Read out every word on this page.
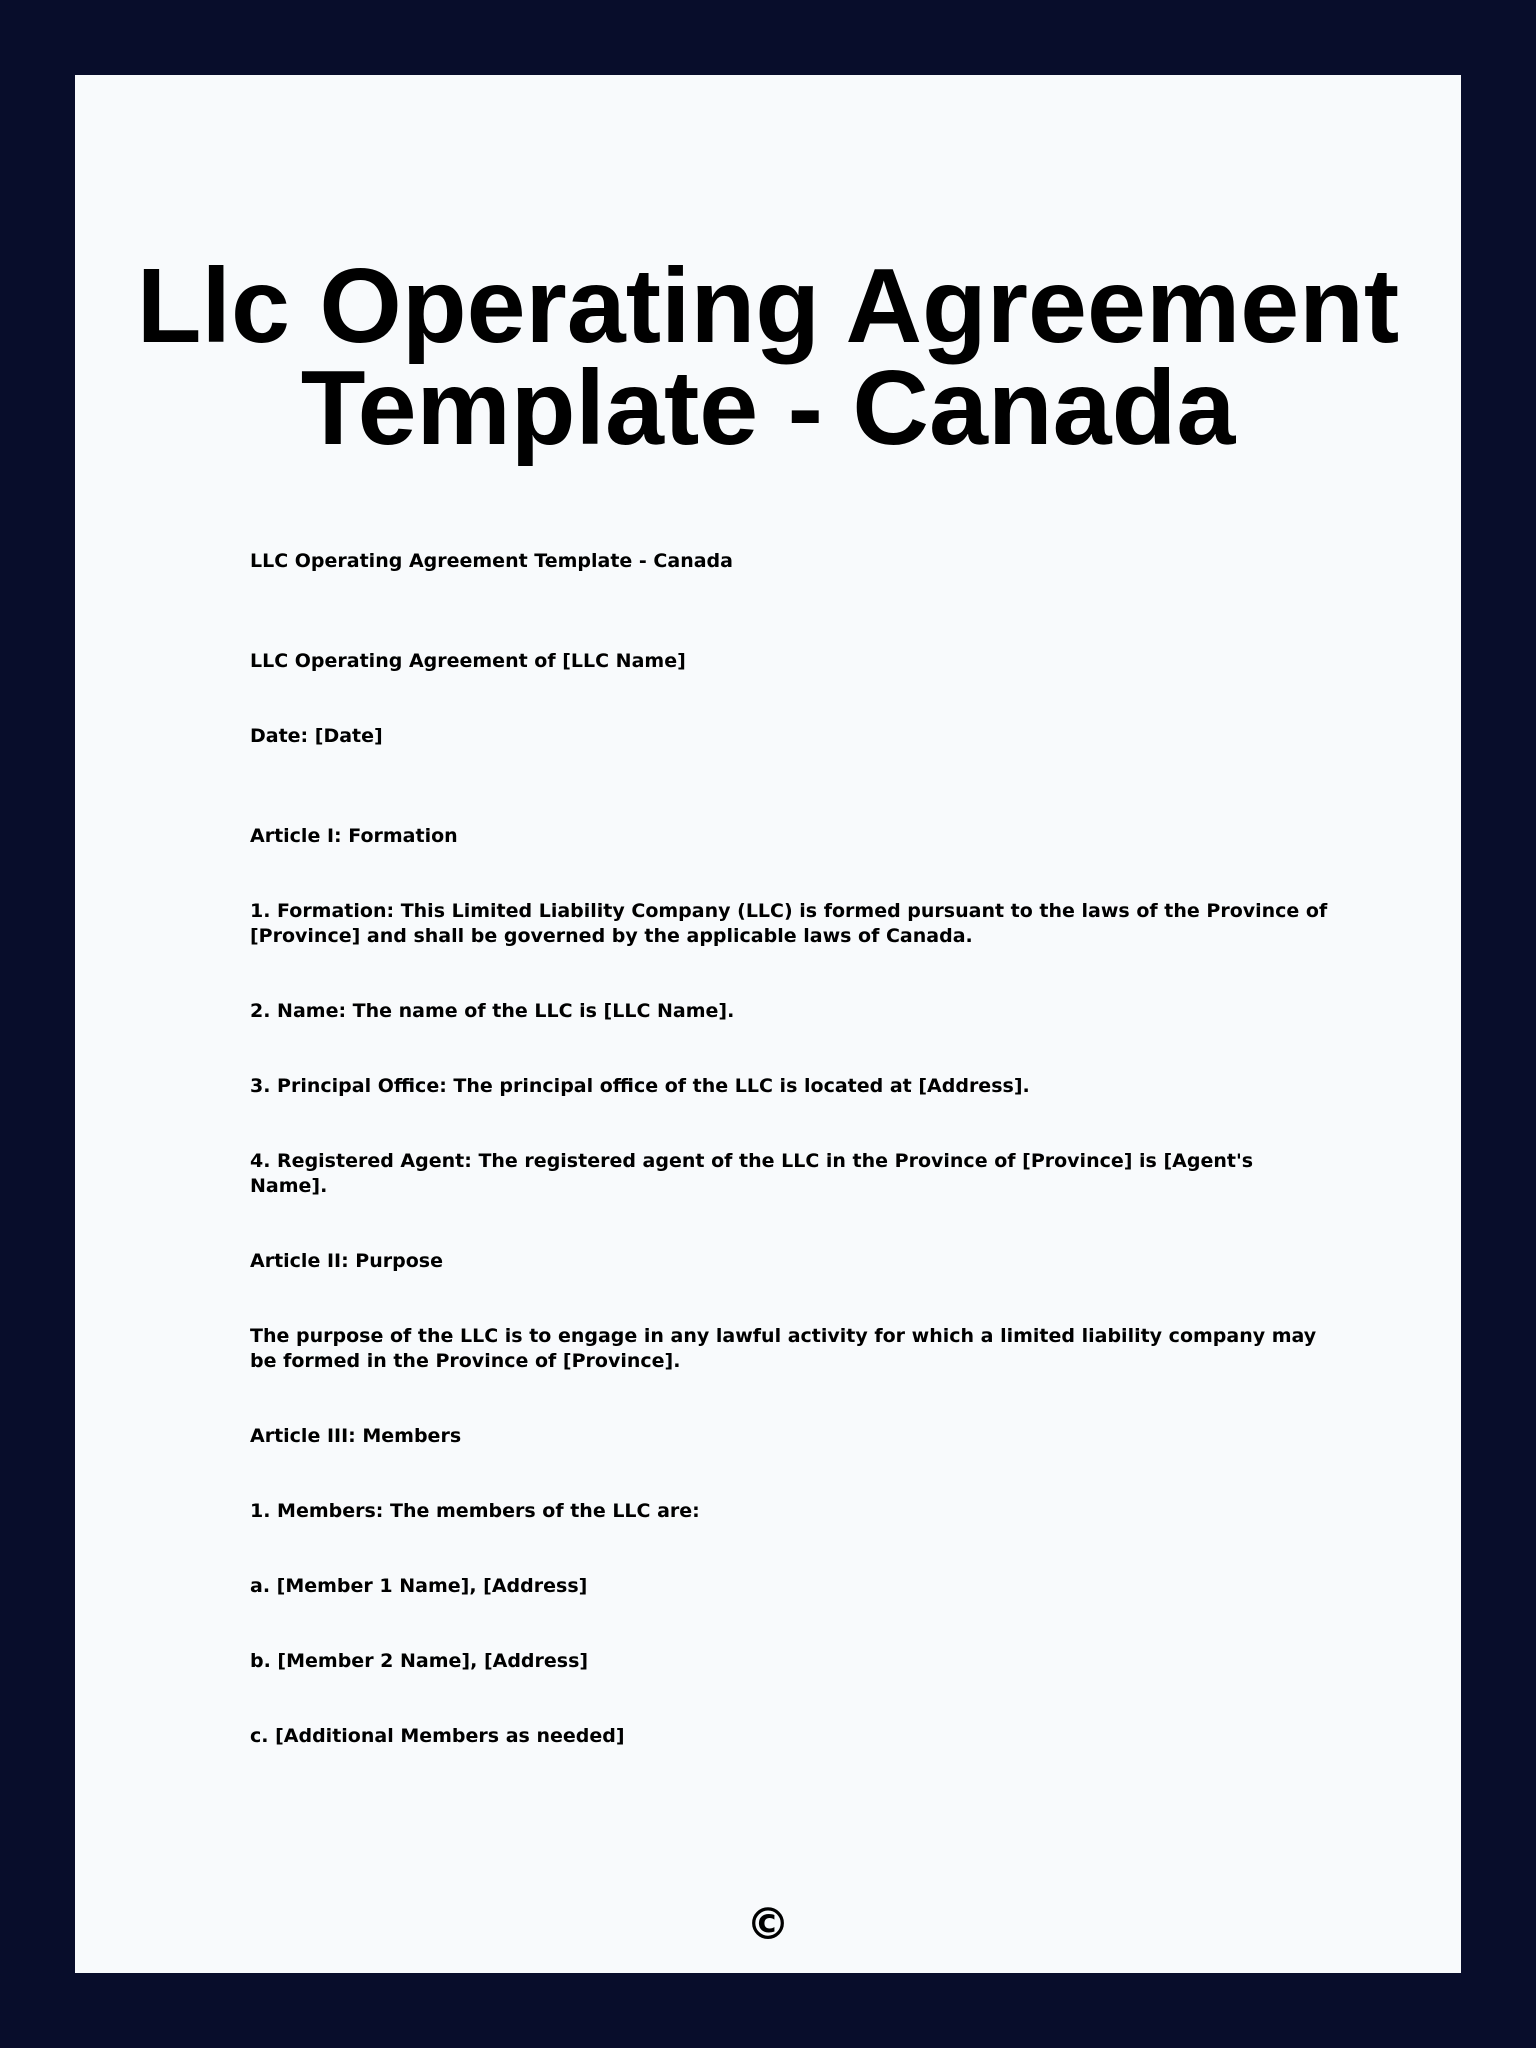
Llc Operating Agreement
Template - Canada

LLC Operating Agreement Template - Canada

LLC Operating Agreement of [LLC Name]

Date: [Date]

Article I: Formation

1. Formation: This Limited Liability Company (LLC) is formed pursuant to the laws of the Province of [Province] and shall be governed by the applicable laws of Canada.

2. Name: The name of the LLC is [LLC Name].

3. Principal Office: The principal office of the LLC is located at [Address].

4. Registered Agent: The registered agent of the LLC in the Province of [Province] is [Agent's Name].

Article II: Purpose

The purpose of the LLC is to engage in any lawful activity for which a limited liability company may be formed in the Province of [Province].

Article III: Members

1. Members: The members of the LLC are:

a. [Member 1 Name], [Address]

b. [Member 2 Name], [Address]

c. [Additional Members as needed]

©
